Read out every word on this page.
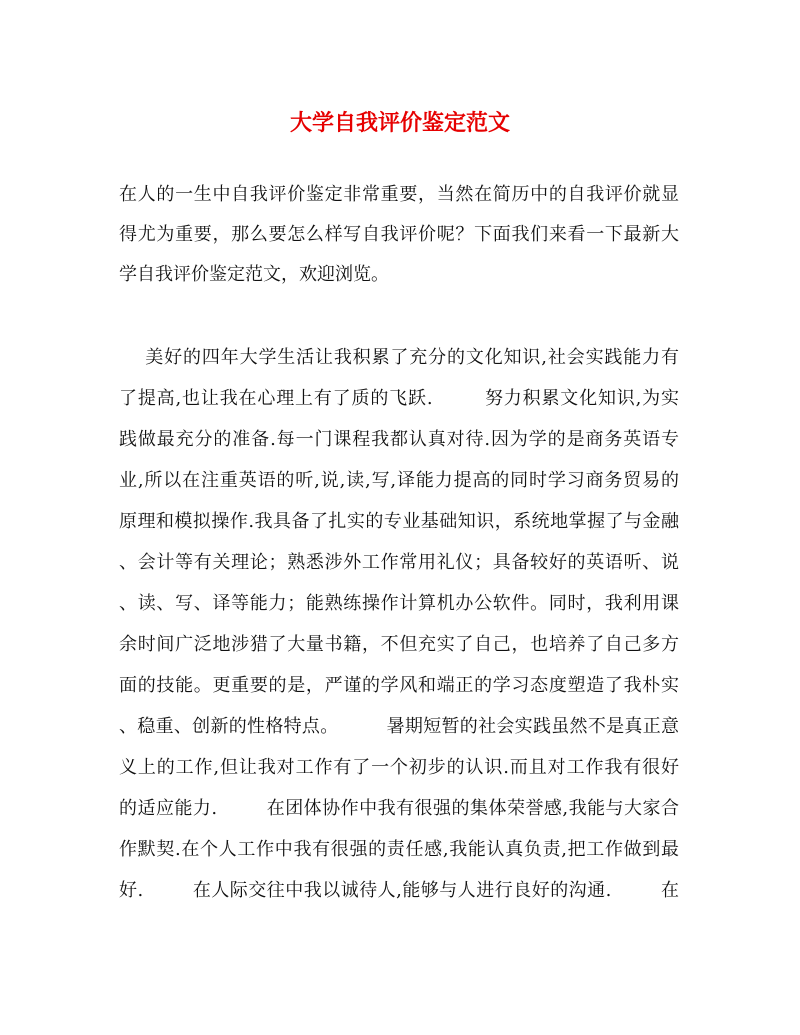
大学自我评价鉴定范文
在人的一生中自我评价鉴定非常重要，当然在简历中的自我评价就显
得尤为重要，那么要怎么样写自我评价呢？下面我们来看一下最新大
学自我评价鉴定范文，欢迎浏览。
美好的四年大学生活让我积累了充分的文化知识,社会实践能力有
了提高,也让我在心理上有了质的飞跃.        努力积累文化知识,为实
践做最充分的准备.每一门课程我都认真对待.因为学的是商务英语专
业,所以在注重英语的听,说,读,写,译能力提高的同时学习商务贸易的
原理和模拟操作.我具备了扎实的专业基础知识，系统地掌握了与金融
、会计等有关理论；熟悉涉外工作常用礼仪；具备较好的英语听、说
、读、写、译等能力；能熟练操作计算机办公软件。同时，我利用课
余时间广泛地涉猎了大量书籍，不但充实了自己，也培养了自己多方
面的技能。更重要的是，严谨的学风和端正的学习态度塑造了我朴实
、稳重、创新的性格特点。        暑期短暂的社会实践虽然不是真正意
义上的工作,但让我对工作有了一个初步的认识.而且对工作我有很好
的适应能力.        在团体协作中我有很强的集体荣誉感,我能与大家合
作默契.在个人工作中我有很强的责任感,我能认真负责,把工作做到最
好.        在人际交往中我以诚待人,能够与人进行良好的沟通.        在
